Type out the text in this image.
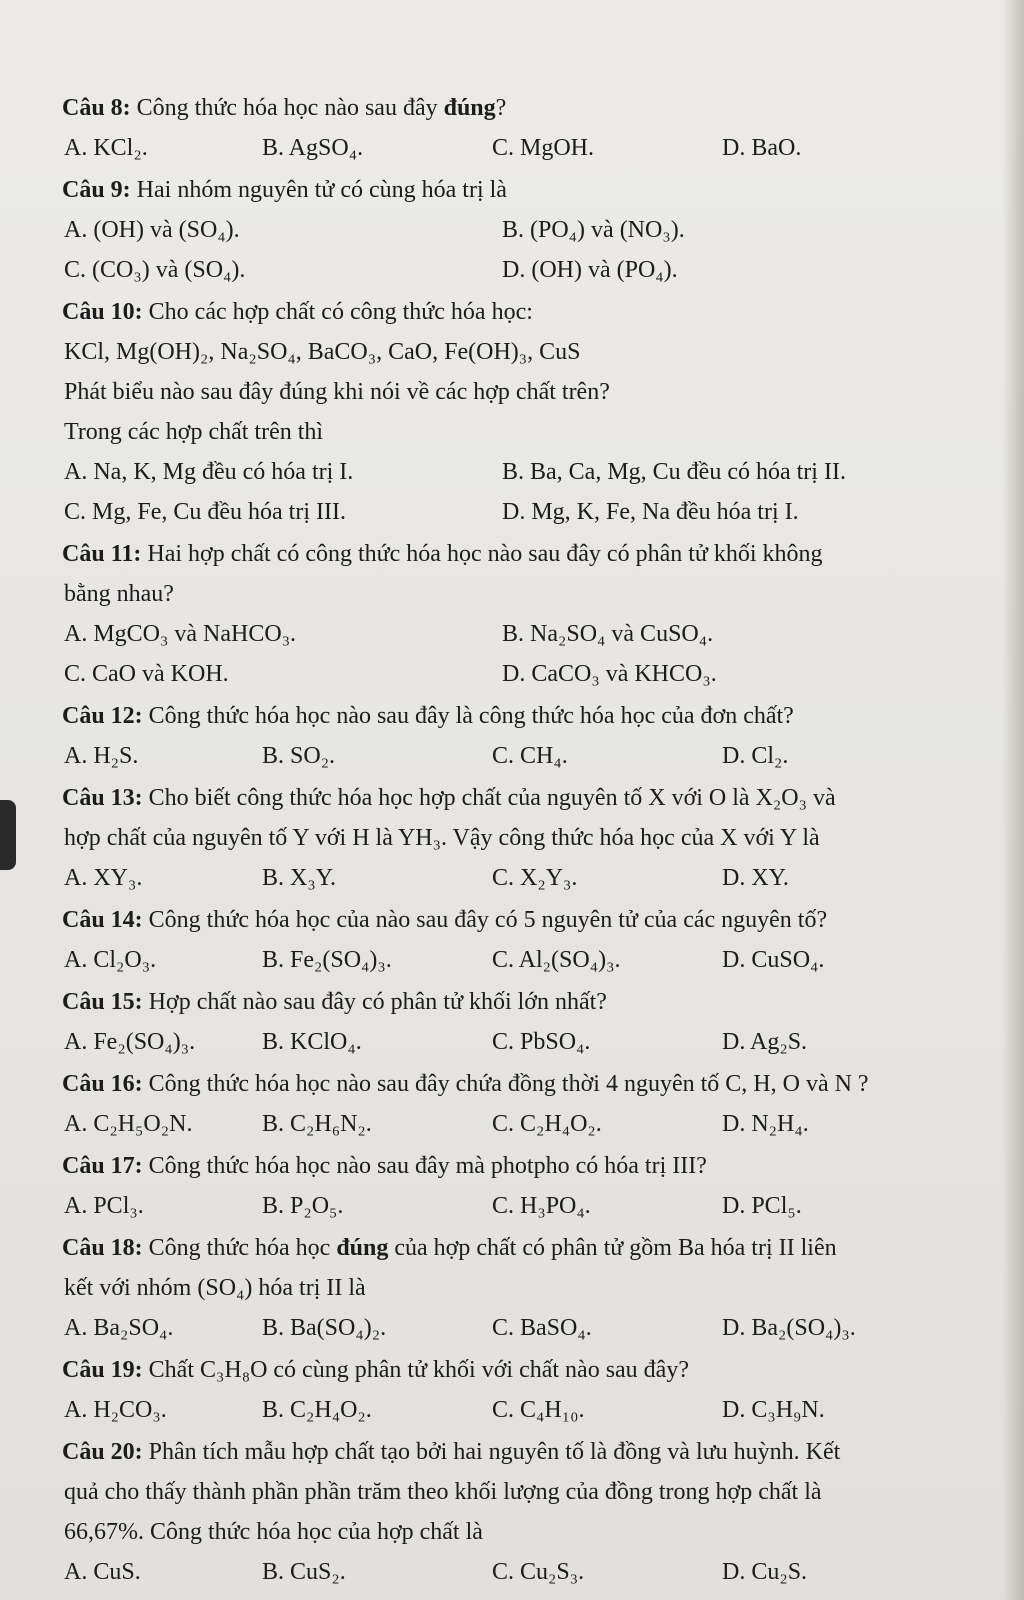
Câu 8: Công thức hóa học nào sau đây đúng?
A. KCl₂.	B. AgSO₄.	C. MgOH.	D. BaO.
Câu 9: Hai nhóm nguyên tử có cùng hóa trị là
A. (OH) và (SO₄).	B. (PO₄) và (NO₃).
C. (CO₃) và (SO₄).	D. (OH) và (PO₄).
Câu 10: Cho các hợp chất có công thức hóa học:
KCl, Mg(OH)₂, Na₂SO₄, BaCO₃, CaO, Fe(OH)₃, CuS
Phát biểu nào sau đây đúng khi nói về các hợp chất trên?
Trong các hợp chất trên thì
A. Na, K, Mg đều có hóa trị I.	B. Ba, Ca, Mg, Cu đều có hóa trị II.
C. Mg, Fe, Cu đều hóa trị III.	D. Mg, K, Fe, Na đều hóa trị I.
Câu 11: Hai hợp chất có công thức hóa học nào sau đây có phân tử khối không
bằng nhau?
A. MgCO₃ và NaHCO₃.	B. Na₂SO₄ và CuSO₄.
C. CaO và KOH.	D. CaCO₃ và KHCO₃.
Câu 12: Công thức hóa học nào sau đây là công thức hóa học của đơn chất?
A. H₂S.	B. SO₂.	C. CH₄.	D. Cl₂.
Câu 13: Cho biết công thức hóa học hợp chất của nguyên tố X với O là X₂O₃ và
hợp chất của nguyên tố Y với H là YH₃. Vậy công thức hóa học của X với Y là
A. XY₃.	B. X₃Y.	C. X₂Y₃.	D. XY.
Câu 14: Công thức hóa học của nào sau đây có 5 nguyên tử của các nguyên tố?
A. Cl₂O₃.	B. Fe₂(SO₄)₃.	C. Al₂(SO₄)₃.	D. CuSO₄.
Câu 15: Hợp chất nào sau đây có phân tử khối lớn nhất?
A. Fe₂(SO₄)₃.	B. KClO₄.	C. PbSO₄.	D. Ag₂S.
Câu 16: Công thức hóa học nào sau đây chứa đồng thời 4 nguyên tố C, H, O và N ?
A. C₂H₅O₂N.	B. C₂H₆N₂.	C. C₂H₄O₂.	D. N₂H₄.
Câu 17: Công thức hóa học nào sau đây mà photpho có hóa trị III?
A. PCl₃.	B. P₂O₅.	C. H₃PO₄.	D. PCl₅.
Câu 18: Công thức hóa học đúng của hợp chất có phân tử gồm Ba hóa trị II liên
kết với nhóm (SO₄) hóa trị II là
A. Ba₂SO₄.	B. Ba(SO₄)₂.	C. BaSO₄.	D. Ba₂(SO₄)₃.
Câu 19: Chất C₃H₈O có cùng phân tử khối với chất nào sau đây?
A. H₂CO₃.	B. C₂H₄O₂.	C. C₄H₁₀.	D. C₃H₉N.
Câu 20: Phân tích mẫu hợp chất tạo bởi hai nguyên tố là đồng và lưu huỳnh. Kết
quả cho thấy thành phần phần trăm theo khối lượng của đồng trong hợp chất là
66,67%. Công thức hóa học của hợp chất là
A. CuS.	B. CuS₂.	C. Cu₂S₃.	D. Cu₂S.
